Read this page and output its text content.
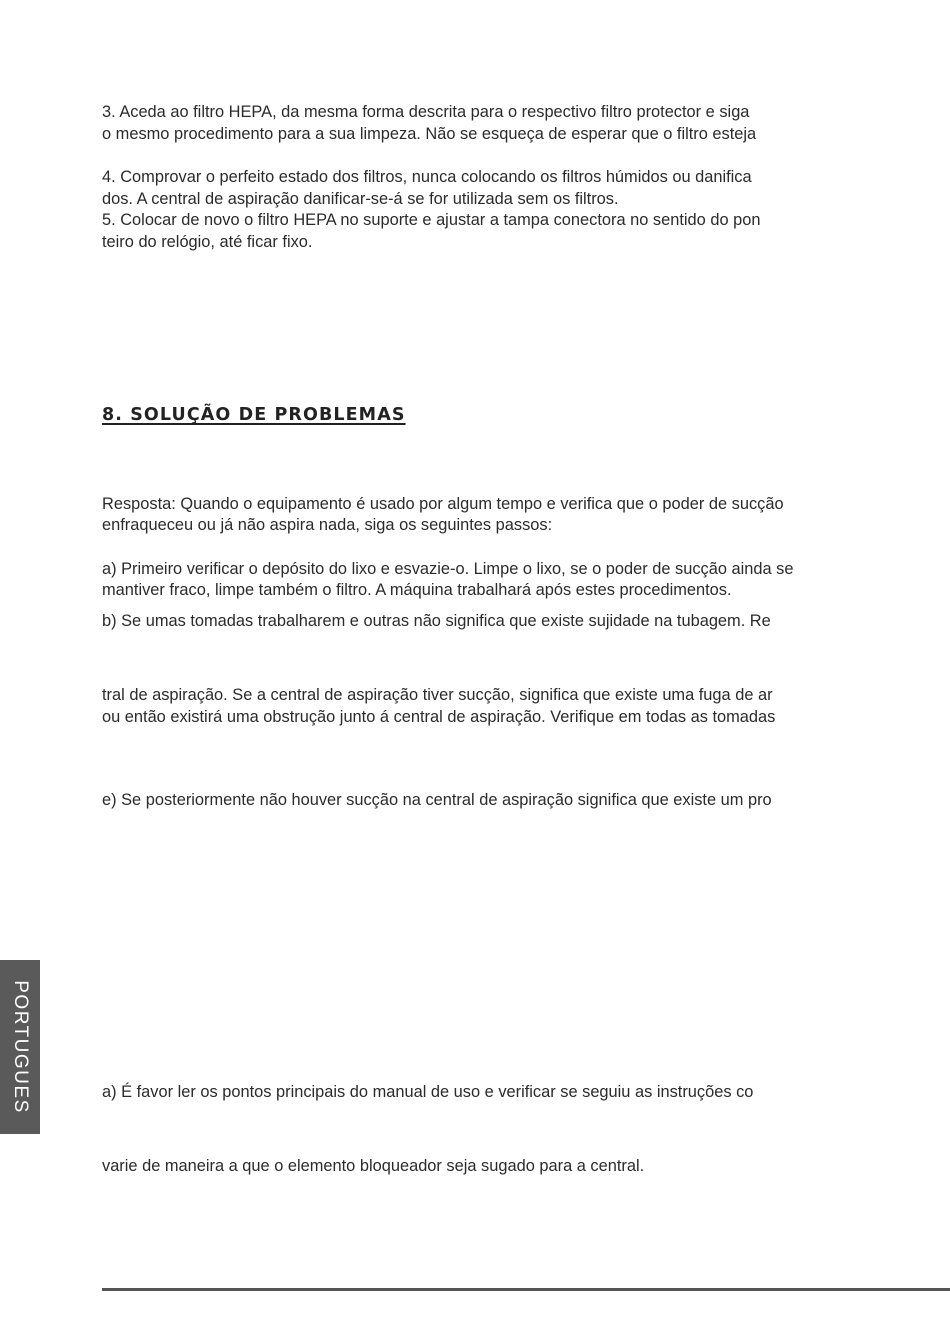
3. Aceda ao filtro HEPA, da mesma forma descrita para o respectivo filtro protector e siga
o mesmo procedimento para a sua limpeza. Não se esqueça de esperar que o filtro esteja
4. Comprovar o perfeito estado dos filtros, nunca colocando os filtros húmidos ou danifica
dos. A central de aspiração danificar-se-á se for utilizada sem os filtros.
5. Colocar de novo o filtro HEPA no suporte e ajustar a tampa conectora no sentido do pon
teiro do relógio, até ficar fixo.
8. SOLUÇÃO DE PROBLEMAS
Resposta: Quando o equipamento é usado por algum tempo e verifica que o poder de sucção
enfraqueceu ou já não aspira nada, siga os seguintes passos:
a) Primeiro verificar o depósito do lixo e esvazie-o. Limpe o lixo, se o poder de sucção ainda se
mantiver fraco, limpe também o filtro. A máquina trabalhará após estes procedimentos.
b) Se umas tomadas trabalharem e outras não significa que existe sujidade na tubagem. Re
tral de aspiração. Se a central de aspiração tiver sucção, significa que existe uma fuga de ar
ou então existirá uma obstrução junto á central de aspiração. Verifique em todas as tomadas
e) Se posteriormente não houver sucção na central de aspiração significa que existe um pro
a) É favor ler os pontos principais do manual de uso e verificar se seguiu as instruções co
varie de maneira a que o elemento bloqueador seja sugado para a central.
PORTUGUES
